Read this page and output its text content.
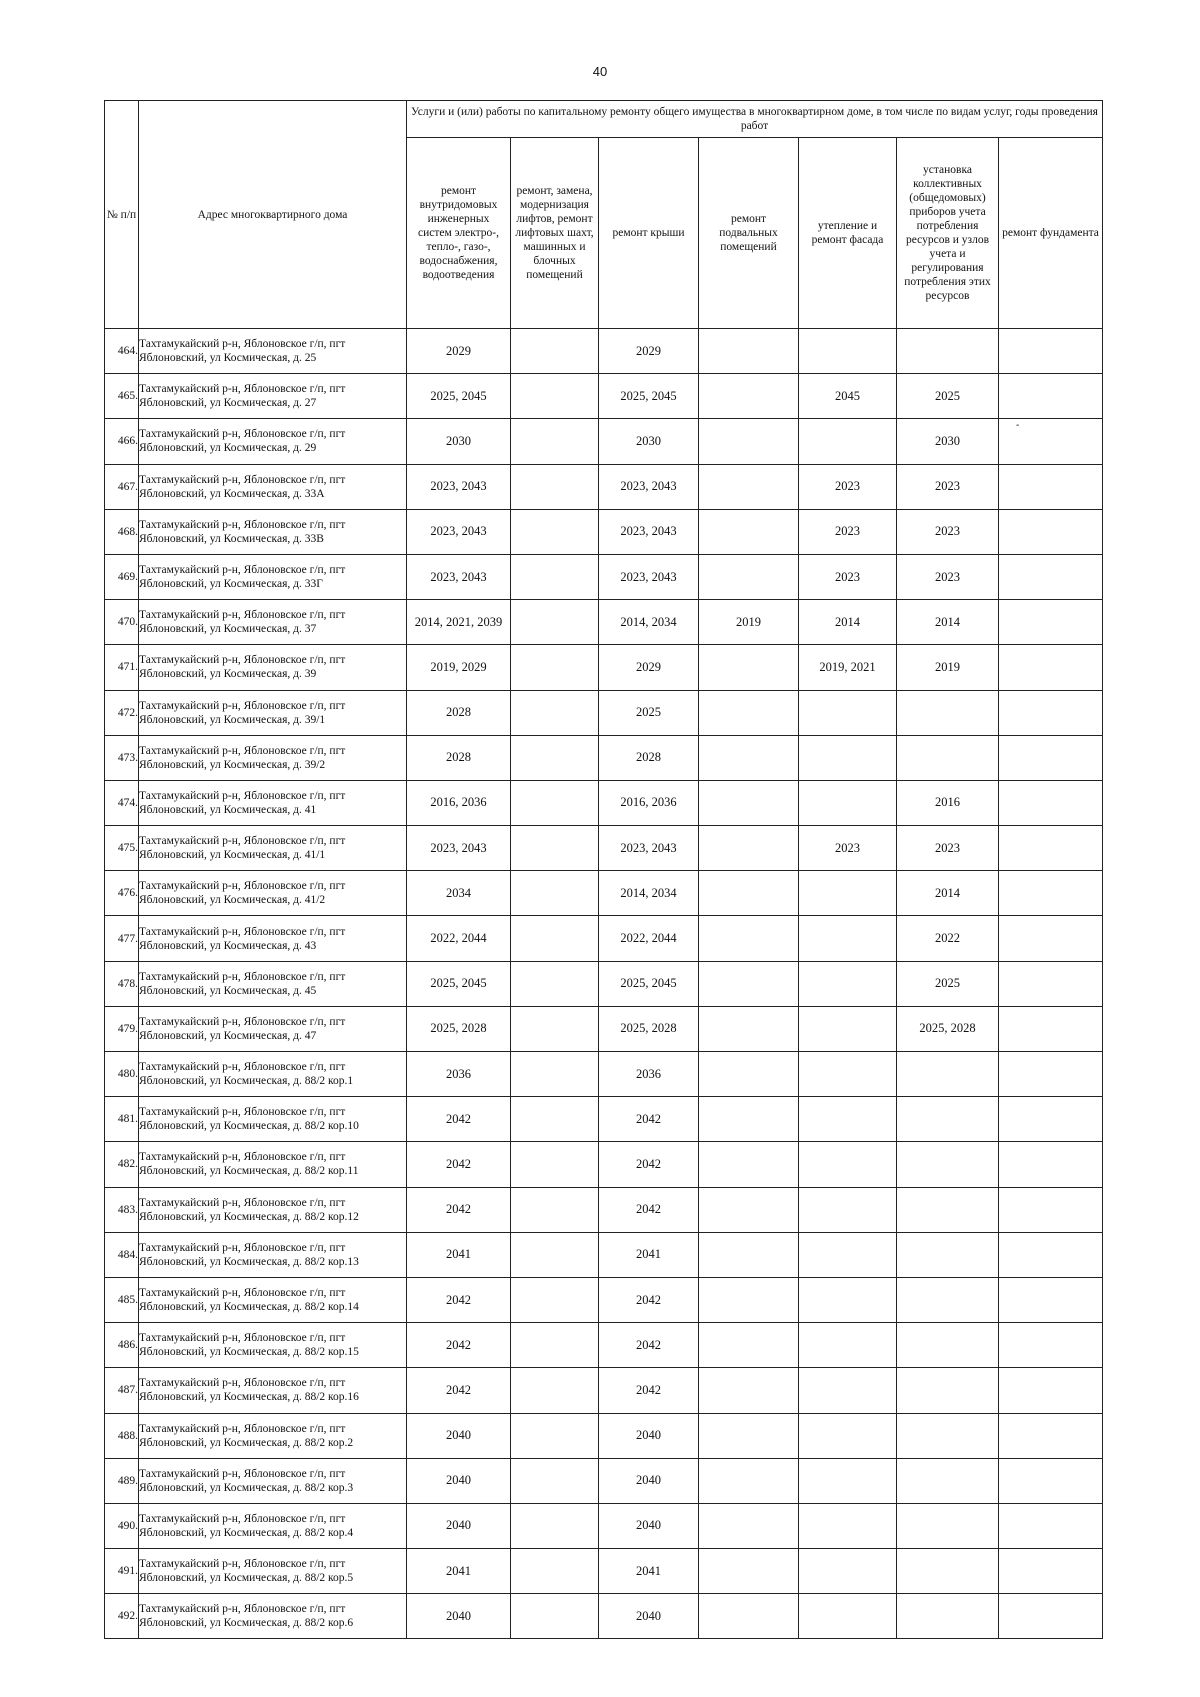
40
-
№ п/п	Адрес многоквартирного дома	Услуги и (или) работы по капитальному ремонту общего имущества в многоквартирном доме, в том числе по видам услуг, годы проведения работ						
		ремонт внутридомовых инженерных систем электро-, тепло-, газо-, водоснабжения, водоотведения	ремонт, замена, модернизация лифтов, ремонт лифтовых шахт, машинных и блочных помещений	ремонт крыши	ремонт подвальных помещений	утепление и ремонт фасада	установка коллективных (общедомовых) приборов учета потребления ресурсов и узлов учета и регулирования потребления этих ресурсов	ремонт фундамента
464.	Тахтамукайский р-н, Яблоновское г/п, пгт
Яблоновский, ул Космическая, д. 25	2029		2029				
465.	Тахтамукайский р-н, Яблоновское г/п, пгт
Яблоновский, ул Космическая, д. 27	2025, 2045		2025, 2045		2045	2025	
466.	Тахтамукайский р-н, Яблоновское г/п, пгт
Яблоновский, ул Космическая, д. 29	2030		2030			2030	
467.	Тахтамукайский р-н, Яблоновское г/п, пгт
Яблоновский, ул Космическая, д. 33А	2023, 2043		2023, 2043		2023	2023	
468.	Тахтамукайский р-н, Яблоновское г/п, пгт
Яблоновский, ул Космическая, д. 33В	2023, 2043		2023, 2043		2023	2023	
469.	Тахтамукайский р-н, Яблоновское г/п, пгт
Яблоновский, ул Космическая, д. 33Г	2023, 2043		2023, 2043		2023	2023	
470.	Тахтамукайский р-н, Яблоновское г/п, пгт
Яблоновский, ул Космическая, д. 37	2014, 2021, 2039		2014, 2034	2019	2014	2014	
471.	Тахтамукайский р-н, Яблоновское г/п, пгт
Яблоновский, ул Космическая, д. 39	2019, 2029		2029		2019, 2021	2019	
472.	Тахтамукайский р-н, Яблоновское г/п, пгт
Яблоновский, ул Космическая, д. 39/1	2028		2025				
473.	Тахтамукайский р-н, Яблоновское г/п, пгт
Яблоновский, ул Космическая, д. 39/2	2028		2028				
474.	Тахтамукайский р-н, Яблоновское г/п, пгт
Яблоновский, ул Космическая, д. 41	2016, 2036		2016, 2036			2016	
475.	Тахтамукайский р-н, Яблоновское г/п, пгт
Яблоновский, ул Космическая, д. 41/1	2023, 2043		2023, 2043		2023	2023	
476.	Тахтамукайский р-н, Яблоновское г/п, пгт
Яблоновский, ул Космическая, д. 41/2	2034		2014, 2034			2014	
477.	Тахтамукайский р-н, Яблоновское г/п, пгт
Яблоновский, ул Космическая, д. 43	2022, 2044		2022, 2044			2022	
478.	Тахтамукайский р-н, Яблоновское г/п, пгт
Яблоновский, ул Космическая, д. 45	2025, 2045		2025, 2045			2025	
479.	Тахтамукайский р-н, Яблоновское г/п, пгт
Яблоновский, ул Космическая, д. 47	2025, 2028		2025, 2028			2025, 2028	
480.	Тахтамукайский р-н, Яблоновское г/п, пгт
Яблоновский, ул Космическая, д. 88/2 кор.1	2036		2036				
481.	Тахтамукайский р-н, Яблоновское г/п, пгт
Яблоновский, ул Космическая, д. 88/2 кор.10	2042		2042				
482.	Тахтамукайский р-н, Яблоновское г/п, пгт
Яблоновский, ул Космическая, д. 88/2 кор.11	2042		2042				
483.	Тахтамукайский р-н, Яблоновское г/п, пгт
Яблоновский, ул Космическая, д. 88/2 кор.12	2042		2042				
484.	Тахтамукайский р-н, Яблоновское г/п, пгт
Яблоновский, ул Космическая, д. 88/2 кор.13	2041		2041				
485.	Тахтамукайский р-н, Яблоновское г/п, пгт
Яблоновский, ул Космическая, д. 88/2 кор.14	2042		2042				
486.	Тахтамукайский р-н, Яблоновское г/п, пгт
Яблоновский, ул Космическая, д. 88/2 кор.15	2042		2042				
487.	Тахтамукайский р-н, Яблоновское г/п, пгт
Яблоновский, ул Космическая, д. 88/2 кор.16	2042		2042				
488.	Тахтамукайский р-н, Яблоновское г/п, пгт
Яблоновский, ул Космическая, д. 88/2 кор.2	2040		2040				
489.	Тахтамукайский р-н, Яблоновское г/п, пгт
Яблоновский, ул Космическая, д. 88/2 кор.3	2040		2040				
490.	Тахтамукайский р-н, Яблоновское г/п, пгт
Яблоновский, ул Космическая, д. 88/2 кор.4	2040		2040				
491.	Тахтамукайский р-н, Яблоновское г/п, пгт
Яблоновский, ул Космическая, д. 88/2 кор.5	2041		2041				
492.	Тахтамукайский р-н, Яблоновское г/п, пгт
Яблоновский, ул Космическая, д. 88/2 кор.6	2040		2040				
